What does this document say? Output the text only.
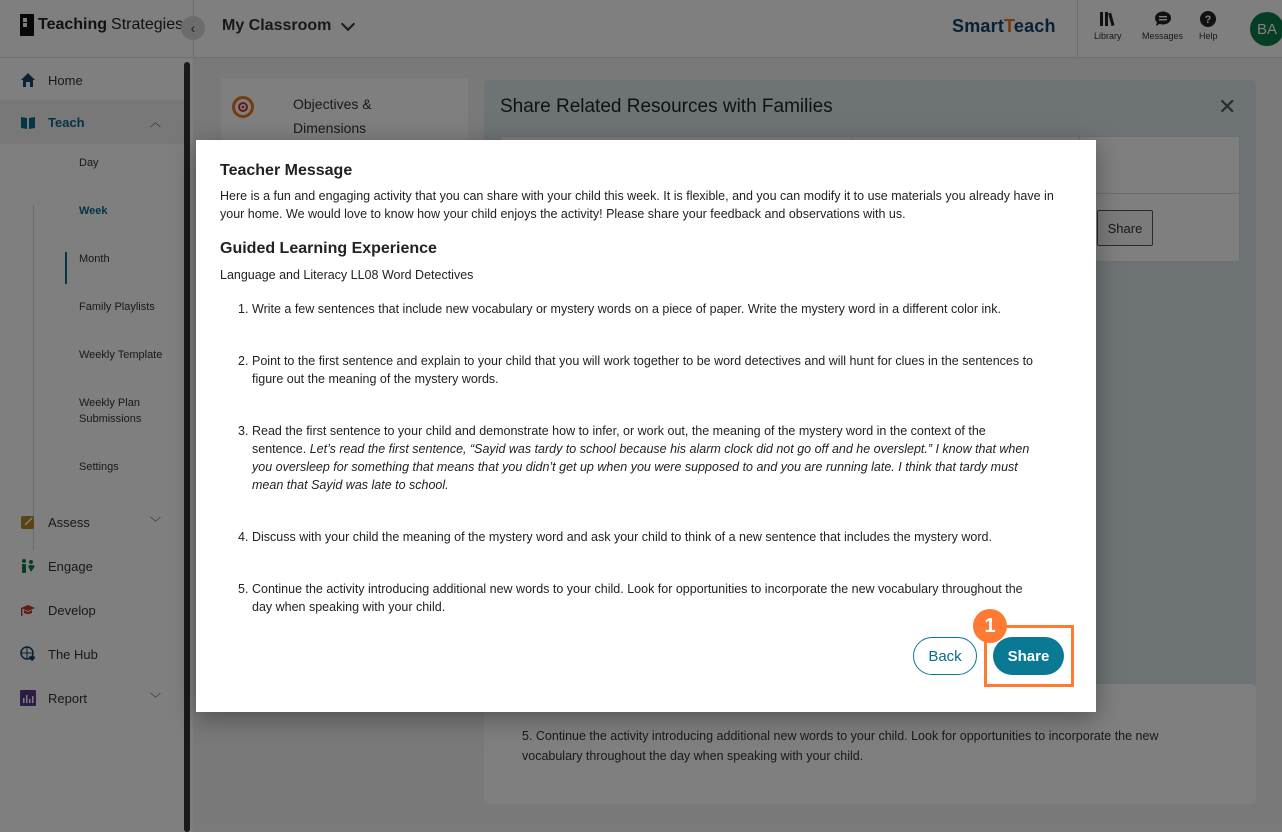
Teacher Message
Here is a fun and engaging activity that you can share with your child this week. It is flexible, and you can modify it to use materials you already have in your home. We would love to know how your child enjoys the activity! Please share your feedback and observations with us.
Guided Learning Experience
Language and Literacy LL08 Word Detectives
1. Write a few sentences that include new vocabulary or mystery words on a piece of paper. Write the mystery word in a different color ink.
2. Point to the first sentence and explain to your child that you will work together to be word detectives and will hunt for clues in the sentences to figure out the meaning of the mystery words.
3. Read the first sentence to your child and demonstrate how to infer, or work out, the meaning of the mystery word in the context of the sentence. Let’s read the first sentence, “Sayid was tardy to school because his alarm clock did not go off and he overslept.” I know that when you oversleep for something that means that you didn’t get up when you were supposed to and you are running late. I think that tardy must mean that Sayid was late to school.
4. Discuss with your child the meaning of the mystery word and ask your child to think of a new sentence that includes the mystery word.
5. Continue the activity introducing additional new words to your child. Look for opportunities to incorporate the new vocabulary throughout the day when speaking with your child.
Back	Share
1
